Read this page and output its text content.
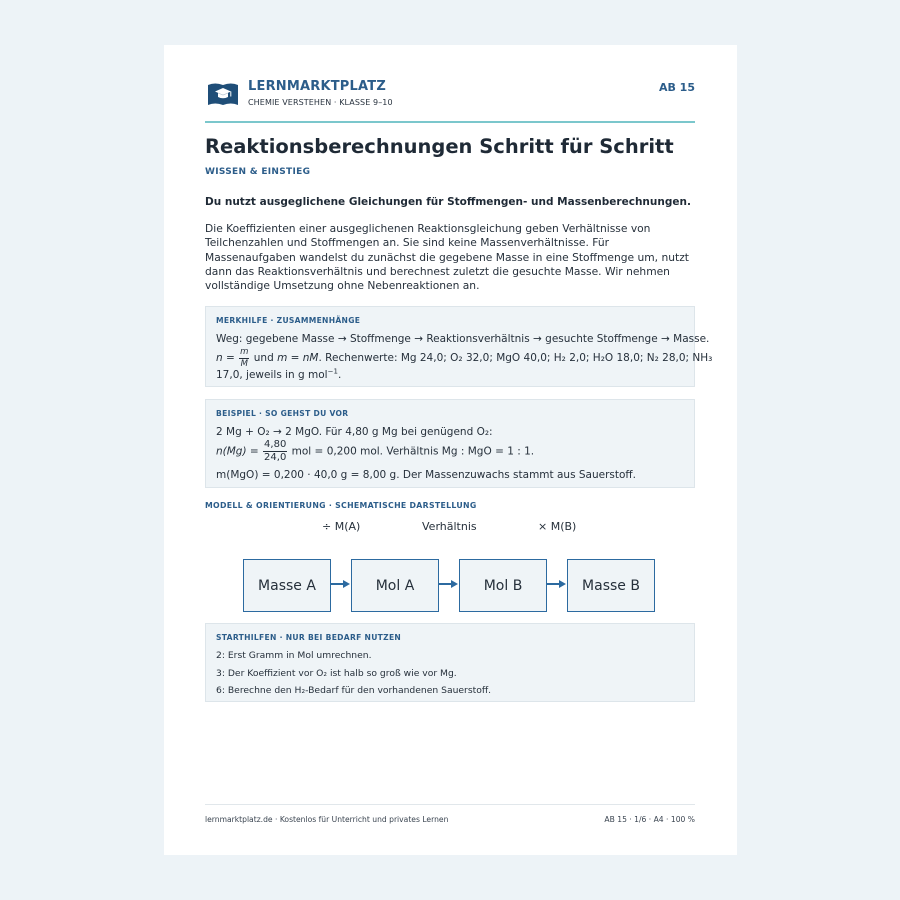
LERNMARKTPLATZ
CHEMIE VERSTEHEN · KLASSE 9–10
AB 15
Reaktionsberechnungen Schritt für Schritt
WISSEN & EINSTIEG
Du nutzt ausgeglichene Gleichungen für Stoffmengen- und Massenberechnungen.
Die Koeffizienten einer ausgeglichenen Reaktionsgleichung geben Verhältnisse von Teilchenzahlen und Stoffmengen an. Sie sind keine Massenverhältnisse. Für Massenaufgaben wandelst du zunächst die gegebene Masse in eine Stoffmenge um, nutzt dann das Reaktionsverhältnis und berechnest zuletzt die gesuchte Masse. Wir nehmen vollständige Umsetzung ohne Nebenreaktionen an.
MERKHILFE · ZUSAMMENHÄNGE
Weg: gegebene Masse → Stoffmenge → Reaktionsverhältnis → gesuchte Stoffmenge → Masse.
$n = \frac{m}{M}$ und m = nM. Rechenwerte: Mg 24,0; O₂ 32,0; MgO 40,0; H₂ 2,0; H₂O 18,0; N₂ 28,0; NH₃
17,0, jeweils in g mol$^{-1}$.
BEISPIEL · SO GEHST DU VOR
2 Mg + O₂ → 2 MgO. Für 4,80 g Mg bei genügend O₂:
$n(Mg) = \frac{4,80}{24,0}$ mol = 0,200 mol. Verhältnis Mg : MgO = 1 : 1.
m(MgO) = 0,200 · 40,0 g = 8,00 g. Der Massenzuwachs stammt aus Sauerstoff.
MODELL & ORIENTIERUNG · SCHEMATISCHE DARSTELLUNG
÷ M(A)	Verhältnis	× M(B)
Masse A	Mol A	Mol B	Masse B
STARTHILFEN · NUR BEI BEDARF NUTZEN
2: Erst Gramm in Mol umrechnen.
3: Der Koeffizient vor O₂ ist halb so groß wie vor Mg.
6: Berechne den H₂-Bedarf für den vorhandenen Sauerstoff.
lernmarktplatz.de · Kostenlos für Unterricht und privates Lernen	AB 15 · 1/6 · A4 · 100 %
